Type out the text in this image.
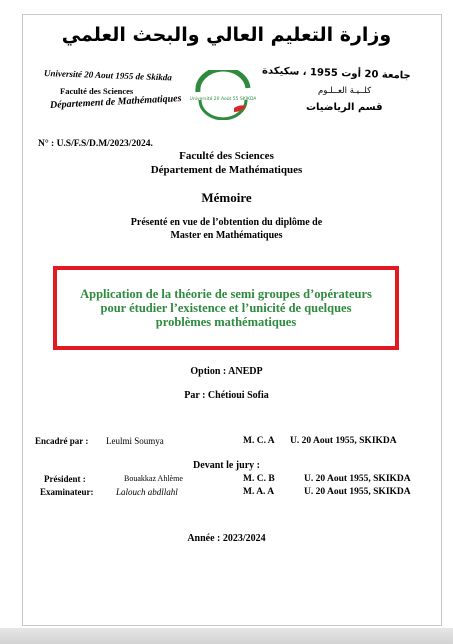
وزارة التعليم العالي والبحث العلمي
Université 20 Aout 1955 de Skikda
Faculté des Sciences
Département de Mathématiques Université 20 Août 55 SKIKDA
جامعة 20 أوت 1955 ، سكيكدة
كلــيـة العــلـوم
قسم الرياضيات
N° : U.S/F.S/D.M/2023/2024.
Faculté des Sciences
Département de Mathématiques
Mémoire
Présenté en vue de l’obtention du diplôme de
Master en Mathématiques
Application de la théorie de semi groupes d’opérateurs
pour étudier l’existence et l’unicité de quelques
problèmes mathématiques
Option : ANEDP
Par : Chétioui Sofia
Encadré par : Leulmi Soumya	M. C. A U. 20 Aout 1955, SKIKDA
Devant le jury :
Président :	Bouakkaz Ahlème	M. C. B	U. 20 Aout 1955, SKIKDA
Examinateur:	Lalouch abdllahl	M. A. A	U. 20 Aout 1955, SKIKDA
Année : 2023/2024
